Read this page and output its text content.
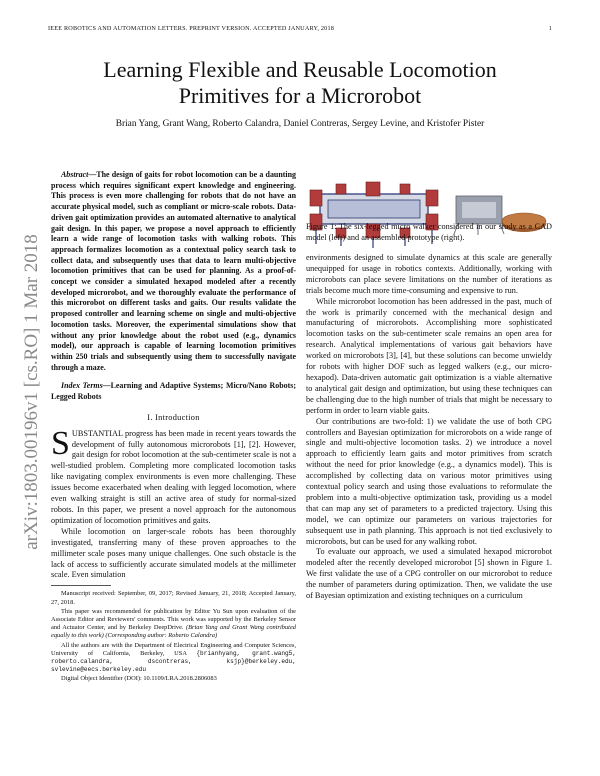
IEEE ROBOTICS AND AUTOMATION LETTERS. PREPRINT VERSION. ACCEPTED JANUARY, 2018	1
arXiv:1803.00196v1 [cs.RO] 1 Mar 2018
Learning Flexible and Reusable Locomotion Primitives for a Microrobot
Brian Yang, Grant Wang, Roberto Calandra, Daniel Contreras, Sergey Levine, and Kristofer Pister
Abstract—The design of gaits for robot locomotion can be a daunting process which requires significant expert knowledge and engineering. This process is even more challenging for robots that do not have an accurate physical model, such as compliant or micro-scale robots. Data-driven gait optimization provides an automated alternative to analytical gait design. In this paper, we propose a novel approach to efficiently learn a wide range of locomotion tasks with walking robots. This approach formalizes locomotion as a contextual policy search task to collect data, and subsequently uses that data to learn multi-objective locomotion primitives that can be used for planning. As a proof-of-concept we consider a simulated hexapod modeled after a recently developed microrobot, and we thoroughly evaluate the performance of this microrobot on different tasks and gaits. Our results validate the proposed controller and learning scheme on single and multi-objective locomotion tasks. Moreover, the experimental simulations show that without any prior knowledge about the robot used (e.g., dynamics model), our approach is capable of learning locomotion primitives within 250 trials and subsequently using them to successfully navigate through a maze.
Index Terms—Learning and Adaptive Systems; Micro/Nano Robots; Legged Robots
I. Introduction

SUBSTANTIAL progress has been made in recent years towards the development of fully autonomous microrobots [1], [2]. However, gait design for robot locomotion at the sub-centimeter scale is not a well-studied problem. Completing more complicated locomotion tasks like navigating complex environments is even more challenging. These issues become exacerbated when dealing with legged locomotion, where even walking straight is still an active area of study for normal-sized robots. In this paper, we present a novel approach for the autonomous optimization of locomotion primitives and gaits.

While locomotion on larger-scale robots has been thoroughly investigated, transferring many of these proven approaches to the millimeter scale poses many unique challenges. One such obstacle is the lack of access to sufficiently accurate simulated models at the millimeter scale. Even simulation

Manuscript received: September, 09, 2017; Revised January, 21, 2018; Accepted January, 27, 2018.
This paper was recommended for publication by Editor Yu Sun upon evaluation of the Associate Editor and Reviewers' comments. This work was supported by the Berkeley Sensor and Actuator Center, and by Berkeley DeepDrive. (Brian Yang and Grant Wang contributed equally to this work) (Corresponding author: Roberto Calandra)
All the authors are with the Department of Electrical Engineering and Computer Sciences, University of California, Berkeley, USA {brianhyang, grant.wang5, roberto.calandra, dscontreras, ksjp}@berkeley.edu, svlevine@eecs.berkeley.edu
Digital Object Identifier (DOI): 10.1109/LRA.2018.2806083
Figure 1: The six-legged micro walker considered in our study as a CAD model (left) and an assembled prototype (right).

environments designed to simulate dynamics at this scale are generally unequipped for usage in robotics contexts. Additionally, working with microrobots can place severe limitations on the number of iterations as trials become much more time-consuming and expensive to run.

While microrobot locomotion has been addressed in the past, much of the work is primarily concerned with the mechanical design and manufacturing of microrobots. Accomplishing more sophisticated locomotion tasks on the sub-centimeter scale remains an open area for research. Analytical implementations of various gait behaviors have worked on microrobots [3], [4], but these solutions can become unwieldy for robots with higher DOF such as legged walkers (e.g., our micro-hexapod). Data-driven automatic gait optimization is a viable alternative to analytical gait design and optimization, but using these techniques can be challenging due to the high number of trials that might be necessary to perform in order to learn viable gaits.

Our contributions are two-fold: 1) we validate the use of both CPG controllers and Bayesian optimization for microrobots on a wide range of single and multi-objective locomotion tasks. 2) we introduce a novel approach to efficiently learn gaits and motor primitives from scratch without the need for prior knowledge (e.g., a dynamics model). This is accomplished by collecting data on various motor primitives using contextual policy search and using those evaluations to reformulate the problem into a multi-objective optimization task, providing us a model that can map any set of parameters to a predicted trajectory. Using this model, we can optimize our parameters on various trajectories for subsequent use in path planning. This approach is not tied exclusively to microrobots, but can be used for any walking robot.

To evaluate our approach, we used a simulated hexapod microrobot modeled after the recently developed microrobot [5] shown in Figure 1. We first validate the use of a CPG controller on our microrobot to reduce the number of parameters during optimization. Then, we validate the use of Bayesian optimization and existing techniques on a curriculum
